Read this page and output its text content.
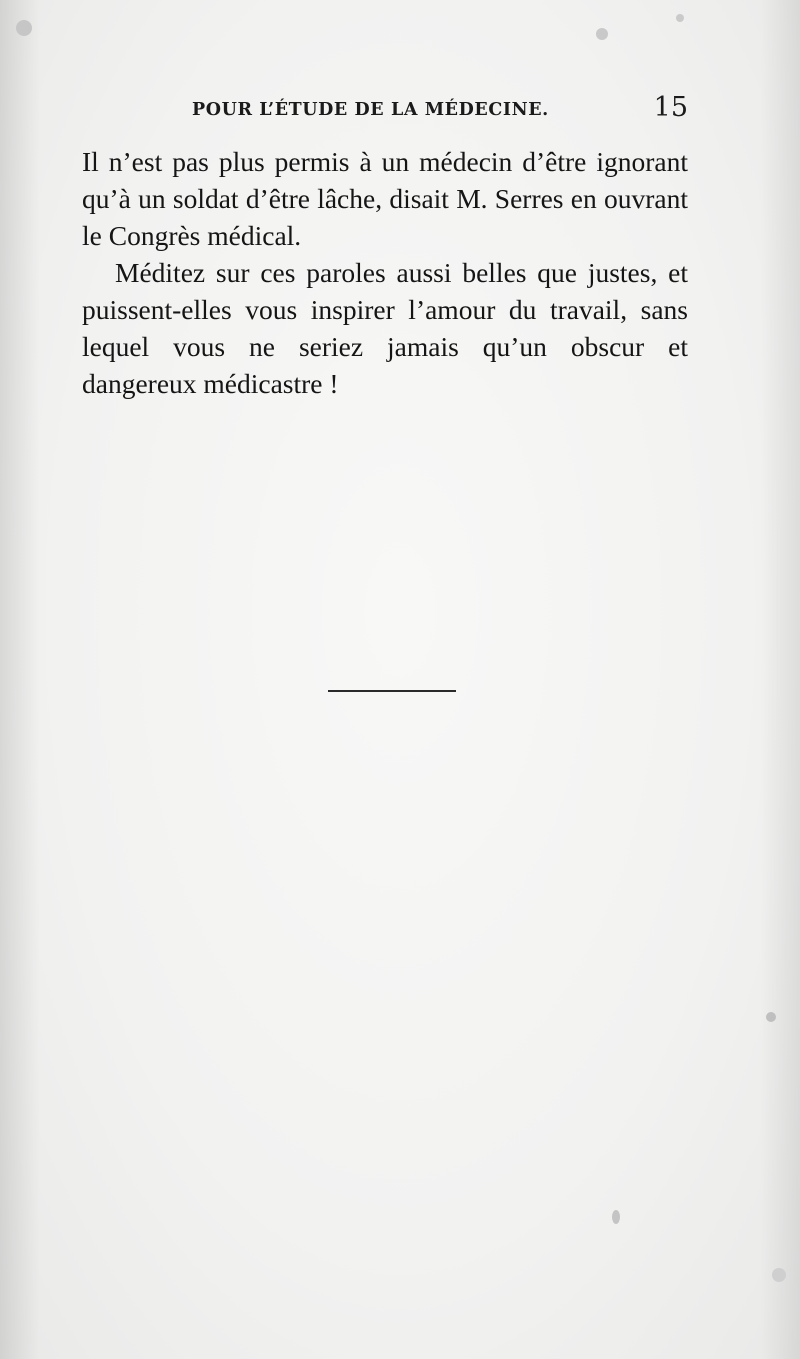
POUR L’ÉTUDE DE LA MÉDECINE.	15

Il n’est pas plus permis à un médecin d’être ignorant qu’à un soldat d’être lâche, disait M. Serres en ouvrant le Congrès médical.

Méditez sur ces paroles aussi belles que justes, et puissent-elles vous inspirer l’amour du travail, sans lequel vous ne seriez jamais qu’un obscur et dangereux médicastre !
